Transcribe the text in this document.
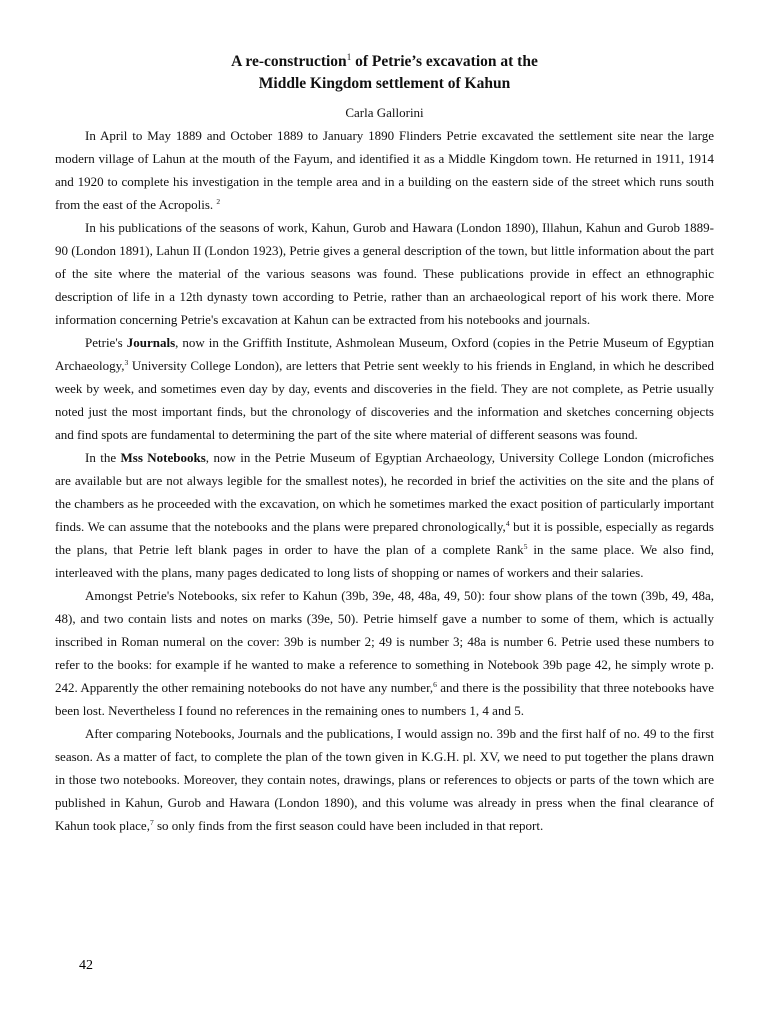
A re-construction$^1$ of Petrie’s excavation at the
Middle Kingdom settlement of Kahun
Carla Gallorini

In April to May 1889 and October 1889 to January 1890 Flinders Petrie excavated the settlement site near the large modern village of Lahun at the mouth of the Fayum, and identified it as a Middle Kingdom town. He returned in 1911, 1914 and 1920 to complete his investigation in the temple area and in a building on the eastern side of the street which runs south from the east of the Acropolis. $^2$

In his publications of the seasons of work, Kahun, Gurob and Hawara (London 1890), Illahun, Kahun and Gurob 1889-90 (London 1891), Lahun II (London 1923), Petrie gives a general description of the town, but little information about the part of the site where the material of the various seasons was found. These publications provide in effect an ethnographic description of life in a 12th dynasty town according to Petrie, rather than an archaeological report of his work there. More information concerning Petrie's excavation at Kahun can be extracted from his notebooks and journals.

Petrie's Journals, now in the Griffith Institute, Ashmolean Museum, Oxford (copies in the Petrie Museum of Egyptian Archaeology,$^3$ University College London), are letters that Petrie sent weekly to his friends in England, in which he described week by week, and sometimes even day by day, events and discoveries in the field. They are not complete, as Petrie usually noted just the most important finds, but the chronology of discoveries and the information and sketches concerning objects and find spots are fundamental to determining the part of the site where material of different seasons was found.

In the Mss Notebooks, now in the Petrie Museum of Egyptian Archaeology, University College London (microfiches are available but are not always legible for the smallest notes), he recorded in brief the activities on the site and the plans of the chambers as he proceeded with the excavation, on which he sometimes marked the exact position of particularly important finds. We can assume that the notebooks and the plans were prepared chronologically,$^4$ but it is possible, especially as regards the plans, that Petrie left blank pages in order to have the plan of a complete Rank$^5$ in the same place. We also find, interleaved with the plans, many pages dedicated to long lists of shopping or names of workers and their salaries.

Amongst Petrie's Notebooks, six refer to Kahun (39b, 39e, 48, 48a, 49, 50): four show plans of the town (39b, 49, 48a, 48), and two contain lists and notes on marks (39e, 50). Petrie himself gave a number to some of them, which is actually inscribed in Roman numeral on the cover: 39b is number 2; 49 is number 3; 48a is number 6. Petrie used these numbers to refer to the books: for example if he wanted to make a reference to something in Notebook 39b page 42, he simply wrote p. 242. Apparently the other remaining notebooks do not have any number,$^6$ and there is the possibility that three notebooks have been lost. Nevertheless I found no references in the remaining ones to numbers 1, 4 and 5.

After comparing Notebooks, Journals and the publications, I would assign no. 39b and the first half of no. 49 to the first season. As a matter of fact, to complete the plan of the town given in K.G.H. pl. XV, we need to put together the plans drawn in those two notebooks. Moreover, they contain notes, drawings, plans or references to objects or parts of the town which are published in Kahun, Gurob and Hawara (London 1890), and this volume was already in press when the final clearance of Kahun took place,$^7$ so only finds from the first season could have been included in that report.

42
